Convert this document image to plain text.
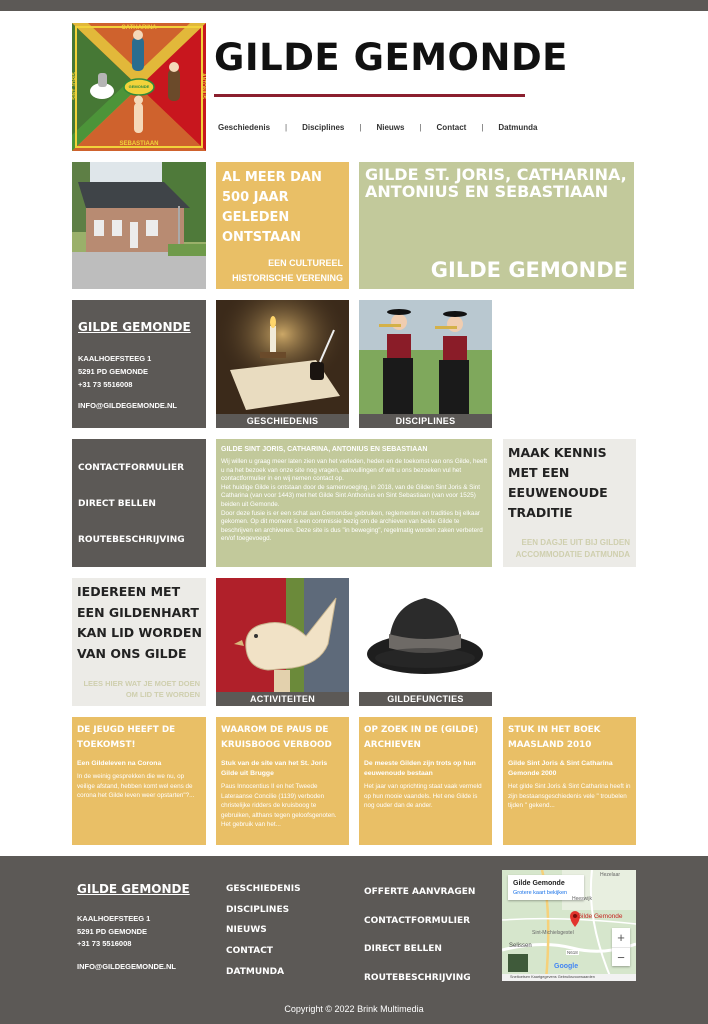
CATHARINA
SEBASTIAAN
GEMONDE
SINT JORIS	ANTONIUS
GILDE GEMONDE
Geschiedenis | Disciplines | Nieuws | Contact | Datmunda
AL MEER DAN 500 JAAR GELEDEN ONTSTAAN
EEN CULTUREEL HISTORISCHE VERENING
GILDE ST. JORIS, CATHARINA, ANTONIUS EN SEBASTIAAN
GILDE GEMONDE
GILDE GEMONDE
KAALHOEFSTEEG 1
5291 PD GEMONDE
+31 73 5516008
INFO@GILDEGEMONDE.NL
GESCHIEDENIS	DISCIPLINES
CONTACTFORMULIER
DIRECT BELLEN
ROUTEBESCHRIJVING
GILDE SINT JORIS, CATHARINA, ANTONIUS EN SEBASTIAAN

Wij willen u graag meer laten zien van het verleden, heden en de toekomst van ons Gilde, heeft u na het bezoek van onze site nog vragen, aanvullingen of wilt u ons bezoeken vul het contactformulier in en wij nemen contact op.

Het huidige Gilde is ontstaan door de samenvoeging, in 2018, van de Gilden Sint Joris & Sint Catharina (van voor 1443) met het Gilde Sint Anthonius en Sint Sebastiaan (van voor 1525) beiden uit Gemonde.

Door deze fusie is er een schat aan Gemondse gebruiken, reglementen en tradities bij elkaar gekomen. Op dit moment is een commissie bezig om de archieven van beide Gilde te beschrijven en archiveren. Deze site is dus "in beweging", regelmatig worden zaken verbeterd en/of toegevoegd.

MAAK KENNIS MET EEN EEUWENOUDE TRADITIE
EEN DAGJE UIT BIJ GILDEN ACCOMMODATIE DATMUNDA
IEDEREEN MET EEN GILDENHART KAN LID WORDEN VAN ONS GILDE
LEES HIER WAT JE MOET DOEN OM LID TE WORDEN	ACTIVITEITEN	GILDEFUNCTIES
DE JEUGD HEEFT DE TOEKOMST!
Een Gildeleven na Corona
In de weinig gesprekken die we nu, op veilige afstand, hebben komt wel eens de corona het Gilde leven weer opstarten"?...
WAAROM DE PAUS DE KRUISBOOG VERBOOD
Stuk van de site van het St. Joris Gilde uit Brugge
Paus Innocentius II en het Tweede Lateraanse Concilie (1139) verboden christelijke ridders de kruisboog te gebruiken, althans tegen geloofsgenoten. Het gebruik van het...
OP ZOEK IN DE (GILDE) ARCHIEVEN
De meeste Gilden zijn trots op hun eeuwenoude bestaan
Het jaar van oprichting staat vaak vermeld op hun mooie vaandels. Het ene Gilde is nog ouder dan de ander.
STUK IN HET BOEK MAASLAND 2010
Gilde Sint Joris & Sint Catharina Gemonde 2000
Het gilde Sint Joris & Sint Catharina heeft in zijn bestaansgeschiedenis vele " troubelen tijden " gekend...
GILDE GEMONDE
KAALHOEFSTEEG 1
5291 PD GEMONDE
+31 73 5516008
INFO@GILDEGEMONDE.NL
GESCHIEDENIS
DISCIPLINES
NIEUWS
CONTACT
DATMUNDA
OFFERTE AANVRAGEN
CONTACTFORMULIER
DIRECT BELLEN
ROUTEBESCHRIJVING
Gilde Gemonde
Grotere kaart bekijken
Gilde Gemonde
Selissen
Heeswijk
Hezelaar
Sint-Michielsgestel
N618
+
−
Google
Sneltoetsen Kaartgegevens Gebruiksvoorwaarden
Copyright © 2022 Brink Multimedia
